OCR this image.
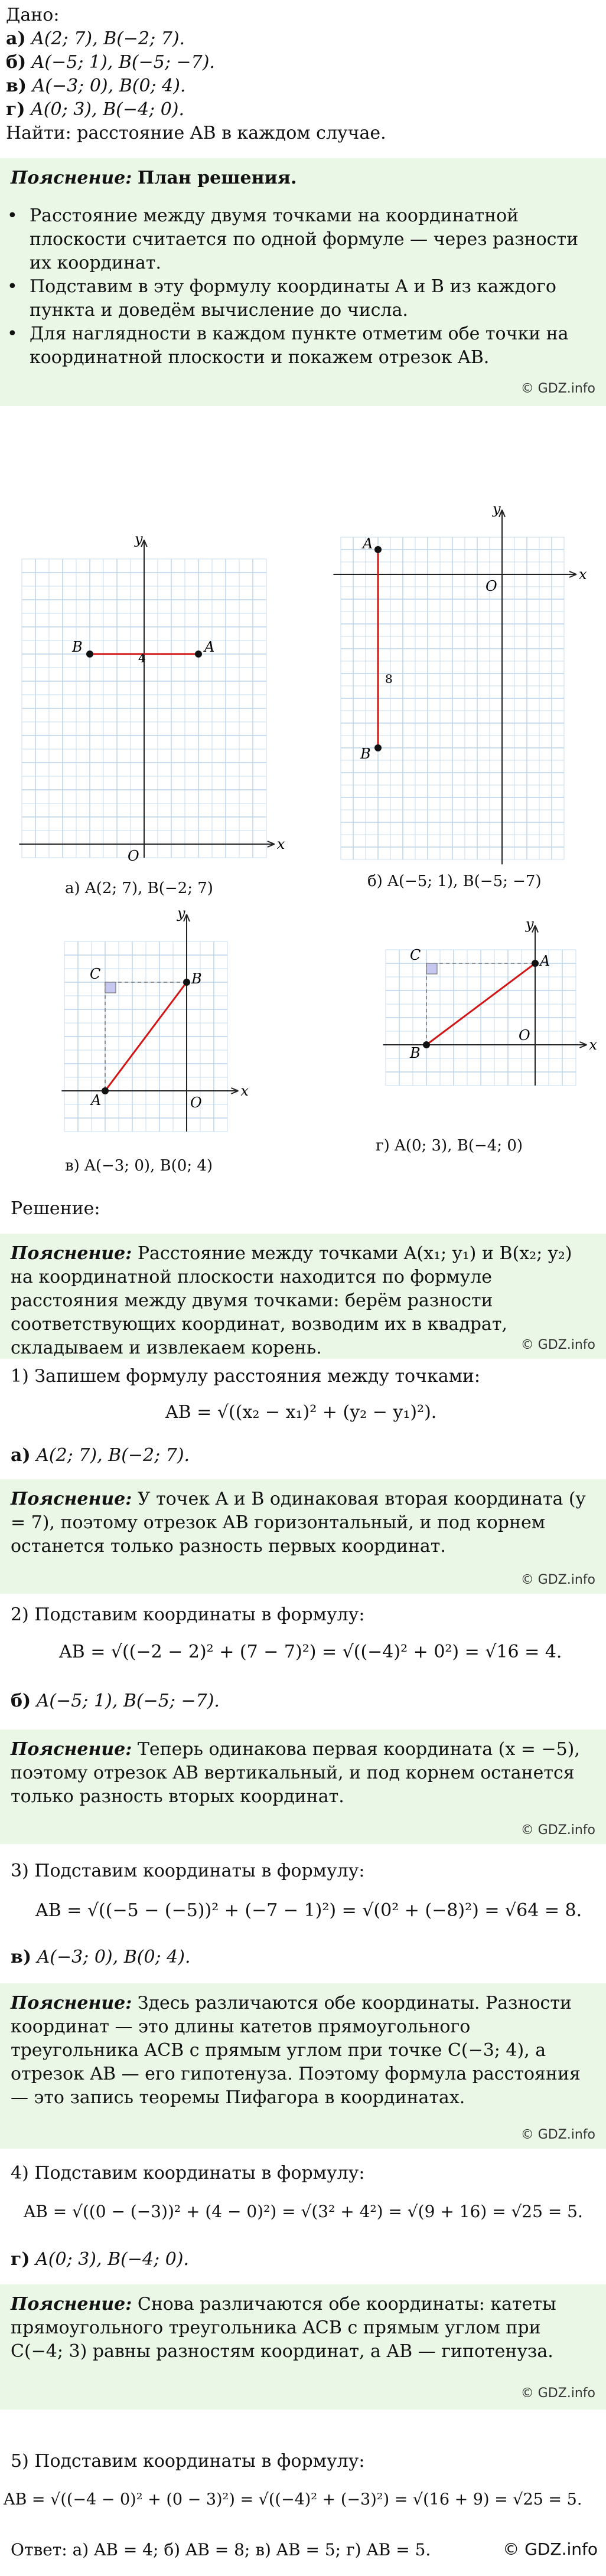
Дано:
а) A(2; 7), B(−2; 7).
б) A(−5; 1), B(−5; −7).
в) A(−3; 0), B(0; 4).
г) A(0; 3), B(−4; 0).
Найти: расстояние AB в каждом случае.
Пояснение: План решения.
• Расстояние между двумя точками на координатной плоскости считается по одной формуле — через разности их координат.
• Подставим в эту формулу координаты A и B из каждого пункта и доведём вычисление до числа.
• Для наглядности в каждом пункте отметим обе точки на координатной плоскости и покажем отрезок AB.
© GDZ.info
x
y
O
A
B
4
а) A(2; 7), B(−2; 7)
x
y
O
A
B
8
б) A(−5; 1), B(−5; −7)
x
y
O
C
A
B
в) A(−3; 0), B(0; 4)
x
y
O
C	A
B
г) A(0; 3), B(−4; 0)
Решение:
Пояснение: Расстояние между точками A(x₁; y₁) и B(x₂; y₂) на координатной плоскости находится по формуле расстояния между двумя точками: берём разности соответствующих координат, возводим их в квадрат, складываем и извлекаем корень.	© GDZ.info
1) Запишем формулу расстояния между точками:
AB = √((x₂ − x₁)² + (y₂ − y₁)²).
а) A(2; 7), B(−2; 7).
Пояснение: У точек A и B одинаковая вторая координата (y = 7), поэтому отрезок AB горизонтальный, и под корнем останется только разность первых координат.
© GDZ.info
2) Подставим координаты в формулу:
AB = √((−2 − 2)² + (7 − 7)²) = √((−4)² + 0²) = √16 = 4.
б) A(−5; 1), B(−5; −7).
Пояснение: Теперь одинакова первая координата (x = −5), поэтому отрезок AB вертикальный, и под корнем останется только разность вторых координат.
© GDZ.info
3) Подставим координаты в формулу:
AB = √((−5 − (−5))² + (−7 − 1)²) = √(0² + (−8)²) = √64 = 8.
в) A(−3; 0), B(0; 4).
Пояснение: Здесь различаются обе координаты. Разности координат — это длины катетов прямоугольного треугольника ACB с прямым углом при точке C(−3; 4), а отрезок AB — его гипотенуза. Поэтому формула расстояния — это запись теоремы Пифагора в координатах.
© GDZ.info
4) Подставим координаты в формулу:
AB = √((0 − (−3))² + (4 − 0)²) = √(3² + 4²) = √(9 + 16) = √25 = 5.
г) A(0; 3), B(−4; 0).
Пояснение: Снова различаются обе координаты: катеты прямоугольного треугольника ACB с прямым углом при C(−4; 3) равны разностям координат, а AB — гипотенуза.
© GDZ.info
5) Подставим координаты в формулу:
AB = √((−4 − 0)² + (0 − 3)²) = √((−4)² + (−3)²) = √(16 + 9) = √25 = 5.
Ответ: а) AB = 4; б) AB = 8; в) AB = 5; г) AB = 5.	© GDZ.info
